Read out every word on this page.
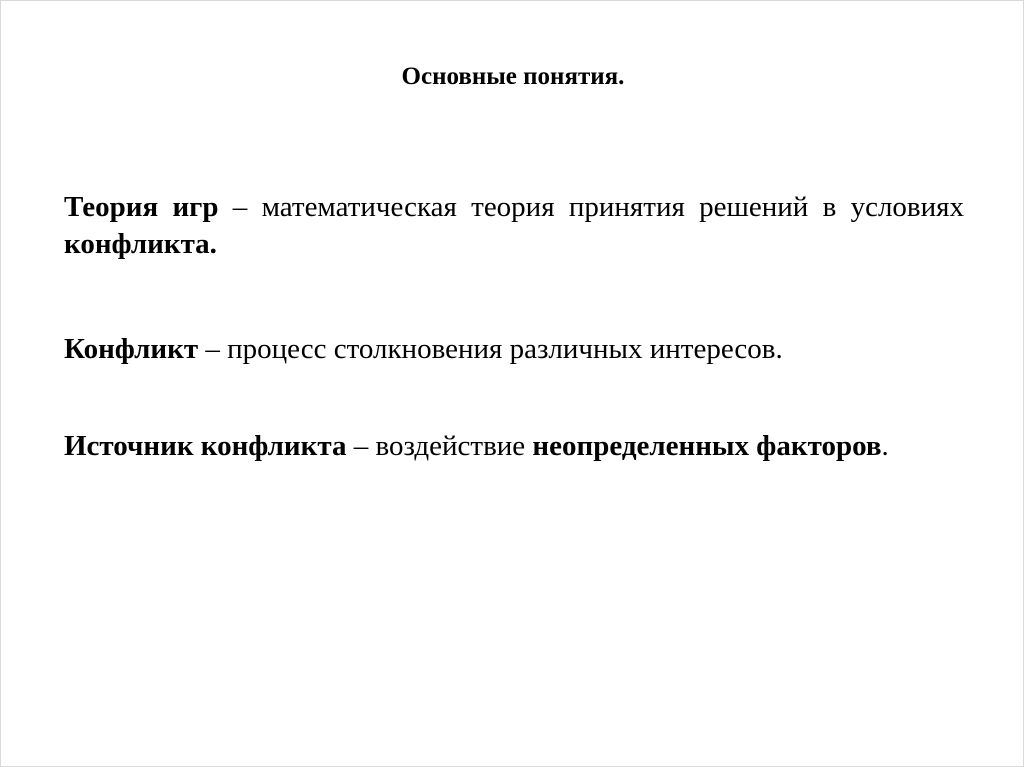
Основные понятия.
Теория игр – математическая теория принятия решений в условиях конфликта.
Конфликт – процесс столкновения различных интересов.
Источник конфликта – воздействие неопределенных факторов.
